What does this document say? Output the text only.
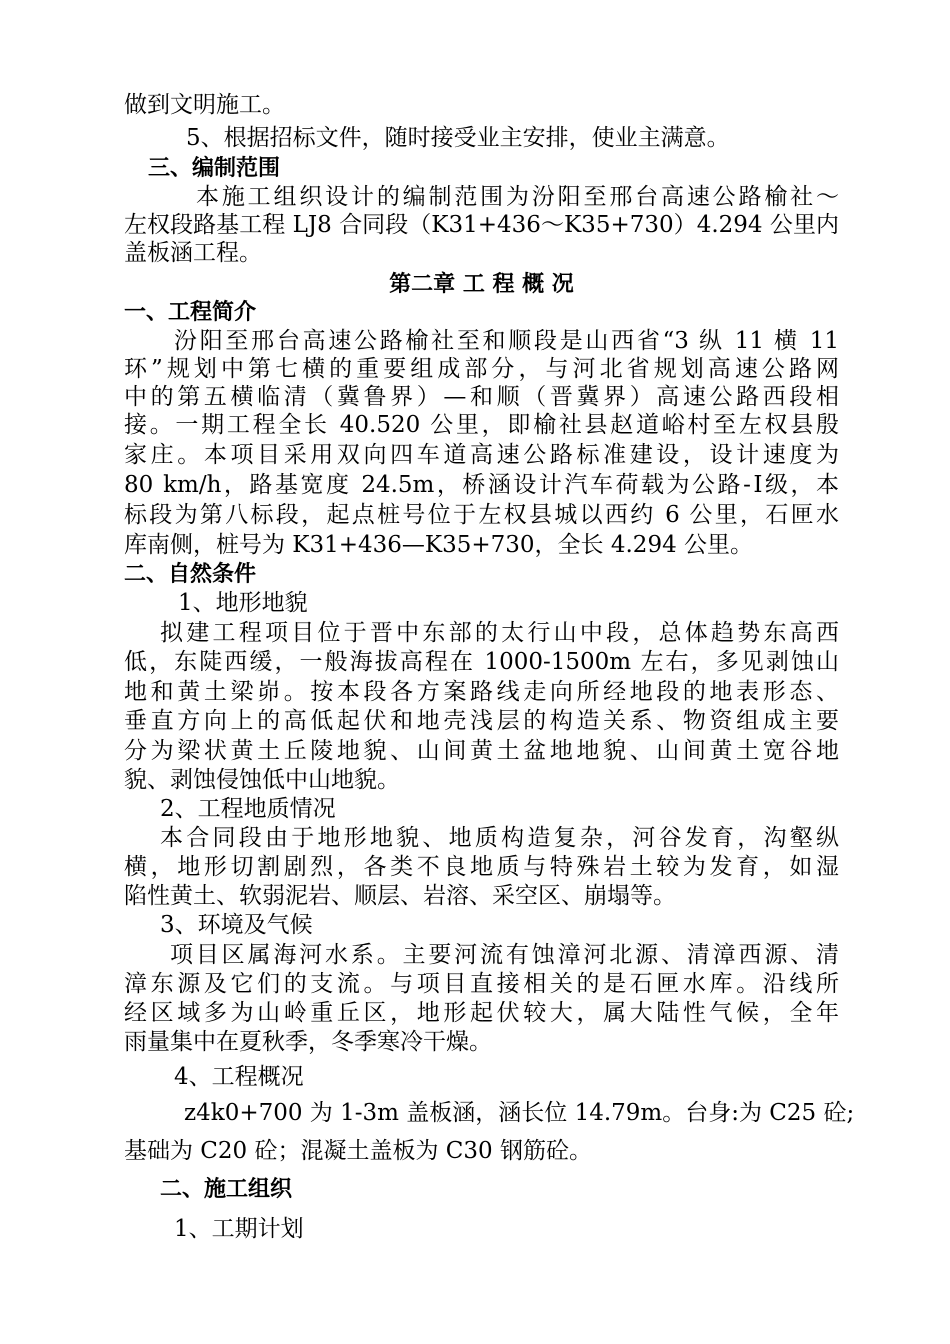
做到文明施工。
5、根据招标文件，随时接受业主安排，使业主满意。
三、编制范围
本施工组织设计的编制范围为汾阳至邢台高速公路榆社～
左权段路基工程 LJ8 合同段（K31+436～K35+730）4.294 公里内
盖板涵工程。
第二章 工 程 概 况
一、工程简介
汾阳至邢台高速公路榆社至和顺段是山西省“3 纵 11 横 11
环”规划中第七横的重要组成部分，与河北省规划高速公路网
中的第五横临清（冀鲁界）—和顺（晋冀界）高速公路西段相
接。一期工程全长 40.520 公里，即榆社县赵道峪村至左权县殷
家庄。本项目采用双向四车道高速公路标准建设，设计速度为
80 km/h，路基宽度 24.5m，桥涵设计汽车荷载为公路-Ⅰ级，本
标段为第八标段，起点桩号位于左权县城以西约 6 公里，石匣水
库南侧，桩号为 K31+436—K35+730，全长 4.294 公里。
二、自然条件
1、地形地貌
拟建工程项目位于晋中东部的太行山中段，总体趋势东高西
低，东陡西缓，一般海拔高程在 1000-1500m 左右，多见剥蚀山
地和黄土梁峁。按本段各方案路线走向所经地段的地表形态、
垂直方向上的高低起伏和地壳浅层的构造关系、物资组成主要
分为梁状黄土丘陵地貌、山间黄土盆地地貌、山间黄土宽谷地
貌、剥蚀侵蚀低中山地貌。
2、工程地质情况
本合同段由于地形地貌、地质构造复杂，河谷发育，沟壑纵
横，地形切割剧烈，各类不良地质与特殊岩土较为发育，如湿
陷性黄土、软弱泥岩、顺层、岩溶、采空区、崩塌等。
3、环境及气候
项目区属海河水系。主要河流有蚀漳河北源、清漳西源、清
漳东源及它们的支流。与项目直接相关的是石匣水库。沿线所
经区域多为山岭重丘区，地形起伏较大，属大陆性气候，全年
雨量集中在夏秋季，冬季寒冷干燥。
4、工程概况
z4k0+700 为 1-3m 盖板涵，涵长位 14.79m。台身:为 C25 砼;
基础为 C20 砼；混凝土盖板为 C30 钢筋砼。
二、施工组织
1、工期计划
